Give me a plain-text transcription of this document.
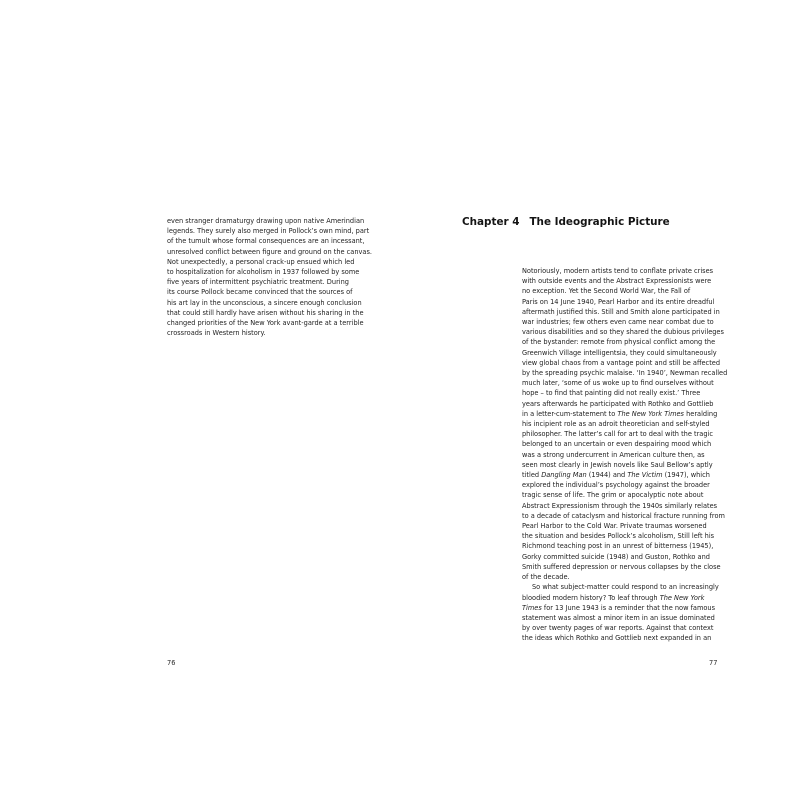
even stranger dramaturgy drawing upon native Amerindian
legends. They surely also merged in Pollock’s own mind, part
of the tumult whose formal consequences are an incessant,
unresolved conflict between figure and ground on the canvas.
Not unexpectedly, a personal crack-up ensued which led
to hospitalization for alcoholism in 1937 followed by some
five years of intermittent psychiatric treatment. During
its course Pollock became convinced that the sources of
his art lay in the unconscious, a sincere enough conclusion
that could still hardly have arisen without his sharing in the
changed priorities of the New York avant-garde at a terrible
crossroads in Western history.
76
Chapter 4 The Ideographic Picture
Notoriously, modern artists tend to conflate private crises
with outside events and the Abstract Expressionists were
no exception. Yet the Second World War, the Fall of
Paris on 14 June 1940, Pearl Harbor and its entire dreadful
aftermath justified this. Still and Smith alone participated in
war industries; few others even came near combat due to
various disabilities and so they shared the dubious privileges
of the bystander: remote from physical conflict among the
Greenwich Village intelligentsia, they could simultaneously
view global chaos from a vantage point and still be affected
by the spreading psychic malaise. ‘In 1940’, Newman recalled
much later, ‘some of us woke up to find ourselves without
hope – to find that painting did not really exist.’ Three
years afterwards he participated with Rothko and Gottlieb
in a letter-cum-statement to The New York Times heralding
his incipient role as an adroit theoretician and self-styled
philosopher. The latter’s call for art to deal with the tragic
belonged to an uncertain or even despairing mood which
was a strong undercurrent in American culture then, as
seen most clearly in Jewish novels like Saul Bellow’s aptly
titled Dangling Man (1944) and The Victim (1947), which
explored the individual’s psychology against the broader
tragic sense of life. The grim or apocalyptic note about
Abstract Expressionism through the 1940s similarly relates
to a decade of cataclysm and historical fracture running from
Pearl Harbor to the Cold War. Private traumas worsened
the situation and besides Pollock’s alcoholism, Still left his
Richmond teaching post in an unrest of bitterness (1945),
Gorky committed suicide (1948) and Guston, Rothko and
Smith suffered depression or nervous collapses by the close
of the decade.
So what subject-matter could respond to an increasingly
bloodied modern history? To leaf through The New York
Times for 13 June 1943 is a reminder that the now famous
statement was almost a minor item in an issue dominated
by over twenty pages of war reports. Against that context
the ideas which Rothko and Gottlieb next expanded in an
77
